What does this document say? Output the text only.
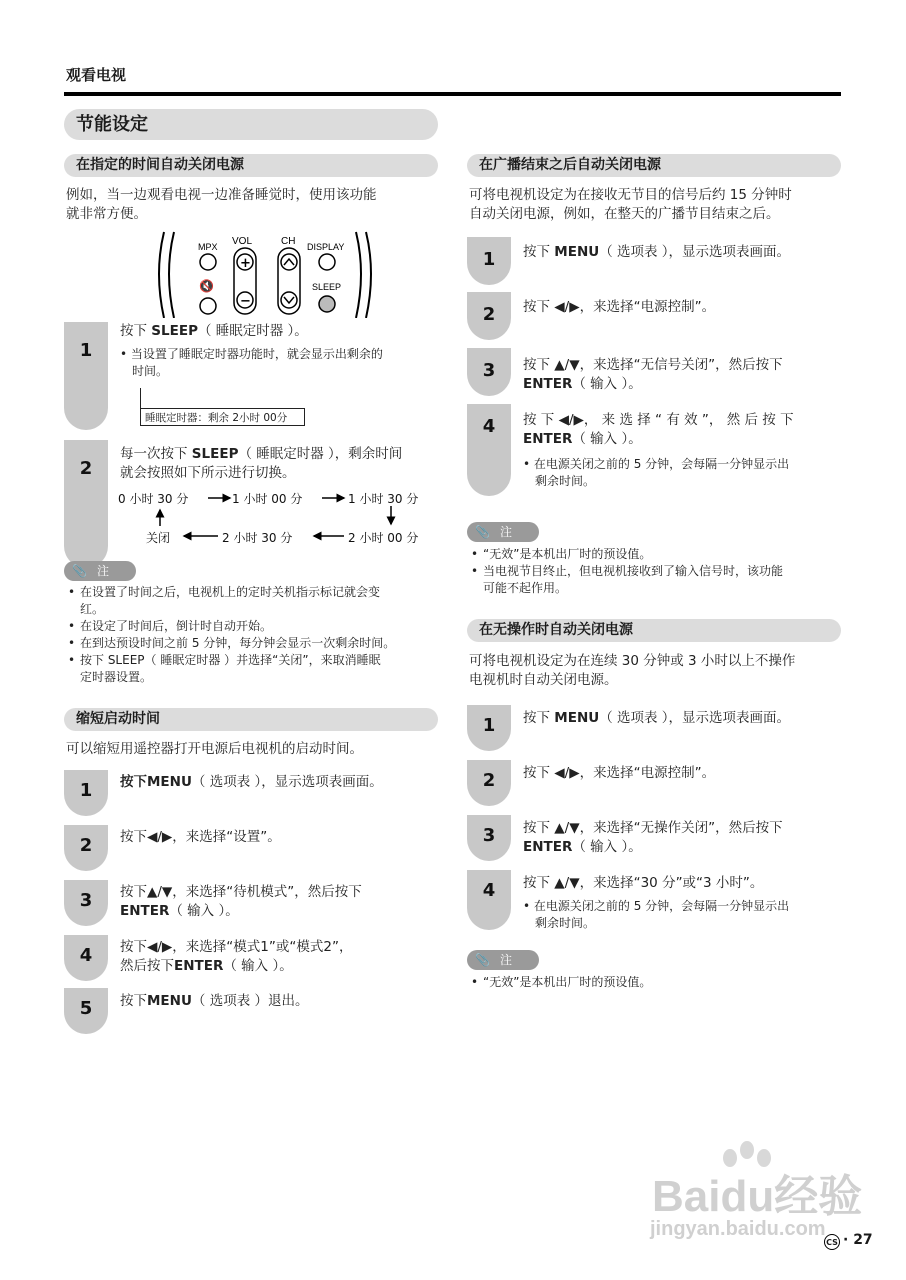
观看电视
节能设定
在指定的时间自动关闭电源
例如，当一边观看电视一边准备睡觉时，使用该功能
就非常方便。
MPX
🔇
VOL
+
−
CH DISPLAY
SLEEP
1
按下 SLEEP（ 睡眠定时器 ）。
• 当设置了睡眠定时器功能时，就会显示出剩余的
时间。
睡眠定时器：剩余 2小时 00分
2
每一次按下 SLEEP（ 睡眠定时器 ），剩余时间
就会按照如下所示进行切换。
0 小时 30 分	1 小时 00 分	1 小时 30 分
关闭	2 小时 30 分	2 小时 00 分
📎 注
• 在设置了时间之后，电视机上的定时关机指示标记就会变
红。
• 在设定了时间后，倒计时自动开始。
• 在到达预设时间之前 5 分钟，每分钟会显示一次剩余时间。
• 按下 SLEEP（ 睡眠定时器 ）并选择“关闭”，来取消睡眠
定时器设置。
缩短启动时间
可以缩短用遥控器打开电源后电视机的启动时间。
1	按下MENU（ 选项表 ），显示选项表画面。
2	按下◀/▶，来选择“设置”。
3	按下▲/▼，来选择“待机模式”，然后按下
ENTER（ 输入 ）。
4	按下◀/▶，来选择“模式1”或“模式2”，
然后按下ENTER（ 输入 ）。
5	按下MENU（ 选项表 ）退出。
在广播结束之后自动关闭电源
可将电视机设定为在接收无节目的信号后约 15 分钟时
自动关闭电源，例如，在整天的广播节目结束之后。
1	按下 MENU（ 选项表 ），显示选项表画面。
2	按下 ◀/▶，来选择“电源控制”。
3	按下 ▲/▼，来选择“无信号关闭”，然后按下
ENTER（ 输入 ）。
4	按 下 ◀/▶， 来 选 择 “ 有 效 ”， 然 后 按 下
ENTER（ 输入 ）。
• 在电源关闭之前的 5 分钟，会每隔一分钟显示出
剩余时间。
📎 注
• “无效”是本机出厂时的预设值。
• 当电视节目终止，但电视机接收到了输入信号时，该功能
可能不起作用。
在无操作时自动关闭电源
可将电视机设定为在连续 30 分钟或 3 小时以上不操作
电视机时自动关闭电源。
1	按下 MENU（ 选项表 ），显示选项表画面。
2	按下 ◀/▶，来选择“电源控制”。
3	按下 ▲/▼，来选择“无操作关闭”，然后按下
ENTER（ 输入 ）。
4	按下 ▲/▼，来选择“30 分”或“3 小时”。
• 在电源关闭之前的 5 分钟，会每隔一分钟显示出
剩余时间。
📎 注
• “无效”是本机出厂时的预设值。
Baidu经验
jingyan.baidu.com
CS · 27
